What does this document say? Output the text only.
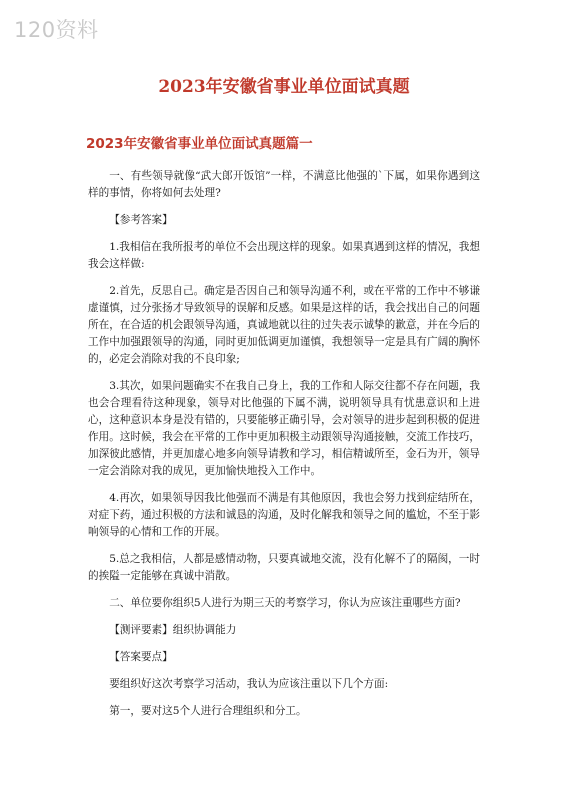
120资料
2023年安徽省事业单位面试真题
2023年安徽省事业单位面试真题篇一

一、有些领导就像“武大郎开饭馆”一样，不满意比他强的`下属，如果你遇到这样的事情，你将如何去处理?

【参考答案】

1.我相信在我所报考的单位不会出现这样的现象。如果真遇到这样的情况，我想我会这样做:

2.首先，反思自己。确定是否因自己和领导沟通不利，或在平常的工作中不够谦虚谨慎，过分张扬才导致领导的误解和反感。如果是这样的话，我会找出自己的问题所在，在合适的机会跟领导沟通，真诚地就以往的过失表示诚挚的歉意，并在今后的工作中加强跟领导的沟通，同时更加低调更加谨慎，我想领导一定是具有广阔的胸怀的，必定会消除对我的不良印象;

3.其次，如果问题确实不在我自己身上，我的工作和人际交往都不存在问题，我也会合理看待这种现象，领导对比他强的下属不满，说明领导具有忧患意识和上进心，这种意识本身是没有错的，只要能够正确引导，会对领导的进步起到积极的促进作用。这时候，我会在平常的工作中更加积极主动跟领导沟通接触，交流工作技巧，加深彼此感情，并更加虚心地多向领导请教和学习，相信精诚所至，金石为开，领导一定会消除对我的成见，更加愉快地投入工作中。

4.再次，如果领导因我比他强而不满是有其他原因，我也会努力找到症结所在，对症下药，通过积极的方法和诚恳的沟通，及时化解我和领导之间的尴尬，不至于影响领导的心情和工作的开展。

5.总之我相信，人都是感情动物，只要真诚地交流，没有化解不了的隔阂，一时的挨隘一定能够在真诚中消散。

二、单位要你组织5人进行为期三天的考察学习，你认为应该注重哪些方面?

【测评要素】组织协调能力

【答案要点】

要组织好这次考察学习活动，我认为应该注重以下几个方面:

第一，要对这5个人进行合理组织和分工。
